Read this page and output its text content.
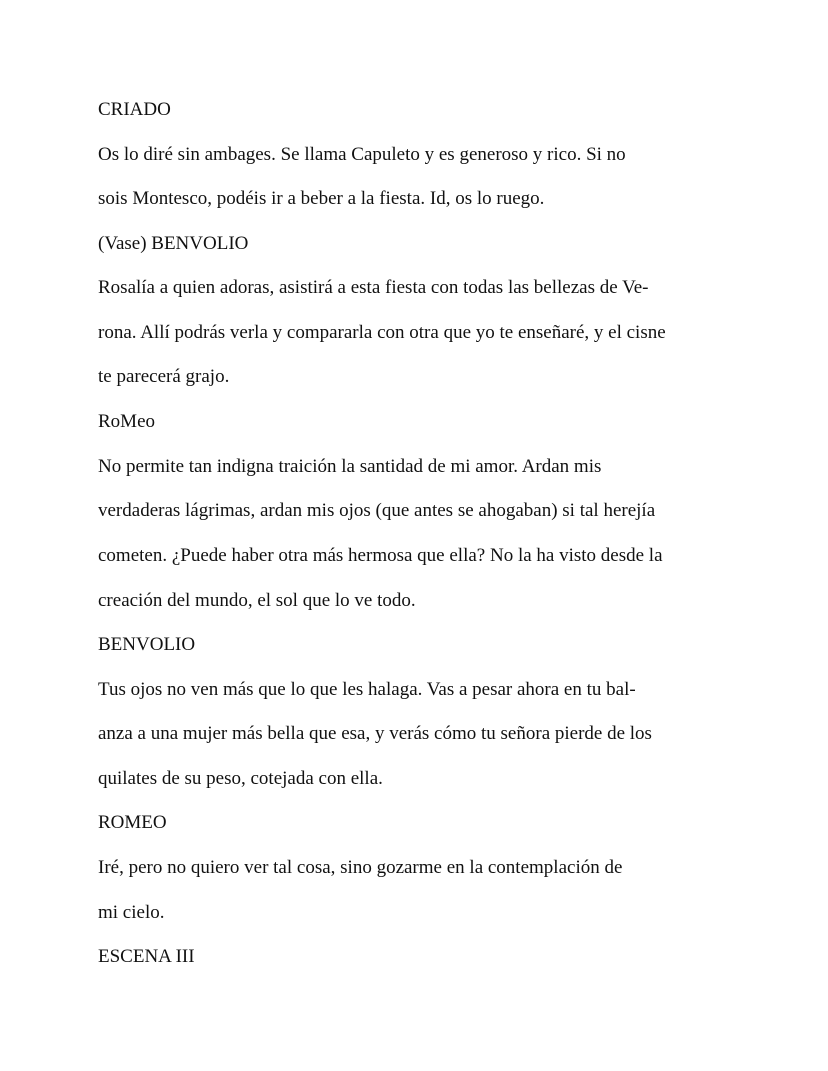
CRIADO
Os lo diré sin ambages. Se llama Capuleto y es generoso y rico. Si no
sois Montesco, podéis ir a beber a la fiesta. Id, os lo ruego.
(Vase) BENVOLIO
Rosalía a quien adoras, asistirá a esta fiesta con todas las bellezas de Ve-
rona. Allí podrás verla y compararla con otra que yo te enseñaré, y el cisne
te parecerá grajo.
RoMeo
No permite tan indigna traición la santidad de mi amor. Ardan mis
verdaderas lágrimas, ardan mis ojos (que antes se ahogaban) si tal herejía
cometen. ¿Puede haber otra más hermosa que ella? No la ha visto desde la
creación del mundo, el sol que lo ve todo.
BENVOLIO
Tus ojos no ven más que lo que les halaga. Vas a pesar ahora en tu bal-
anza a una mujer más bella que esa, y verás cómo tu señora pierde de los
quilates de su peso, cotejada con ella.
ROMEO
Iré, pero no quiero ver tal cosa, sino gozarme en la contemplación de
mi cielo.
ESCENA III
